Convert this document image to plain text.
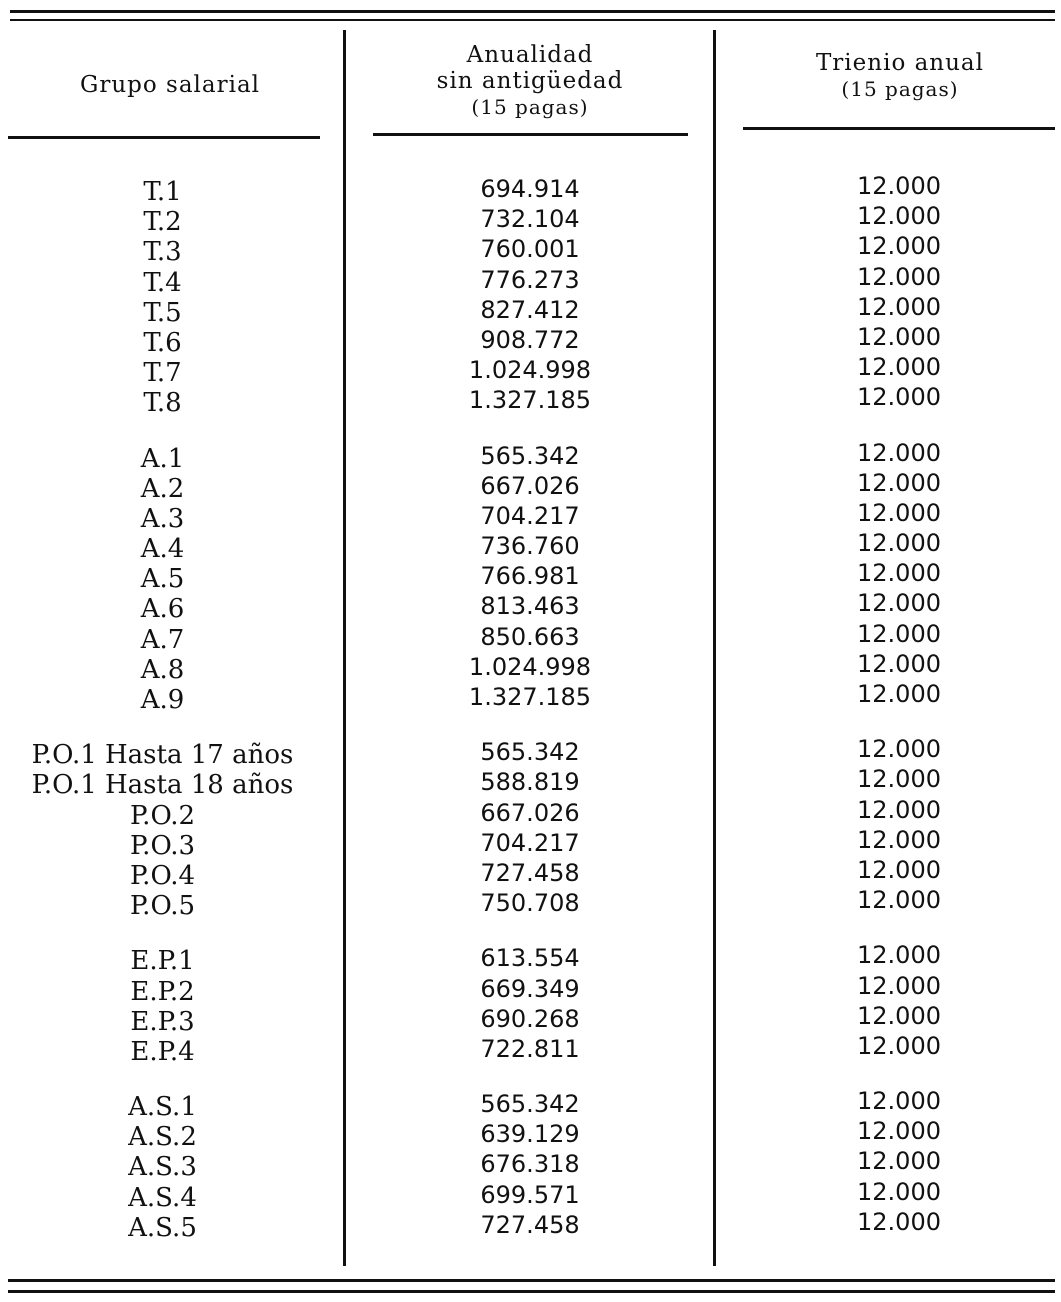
Grupo salarial
Anualidad
sin antigüedad
(15 pagas)
Trienio anual
(15 pagas)
T.1
T.2
T.3
T.4
T.5
T.6
T.7
T.8
A.1
A.2
A.3
A.4
A.5
A.6
A.7
A.8
A.9
P.O.1 Hasta 17 años
P.O.1 Hasta 18 años
P.O.2
P.O.3
P.O.4
P.O.5
E.P.1
E.P.2
E.P.3
E.P.4
A.S.1
A.S.2
A.S.3
A.S.4
A.S.5
694.914
732.104
760.001
776.273
827.412
908.772
1.024.998
1.327.185
565.342
667.026
704.217
736.760
766.981
813.463
850.663
1.024.998
1.327.185
565.342
588.819
667.026
704.217
727.458
750.708
613.554
669.349
690.268
722.811
565.342
639.129
676.318
699.571
727.458
12.000
12.000
12.000
12.000
12.000
12.000
12.000
12.000
12.000
12.000
12.000
12.000
12.000
12.000
12.000
12.000
12.000
12.000
12.000
12.000
12.000
12.000
12.000
12.000
12.000
12.000
12.000
12.000
12.000
12.000
12.000
12.000
